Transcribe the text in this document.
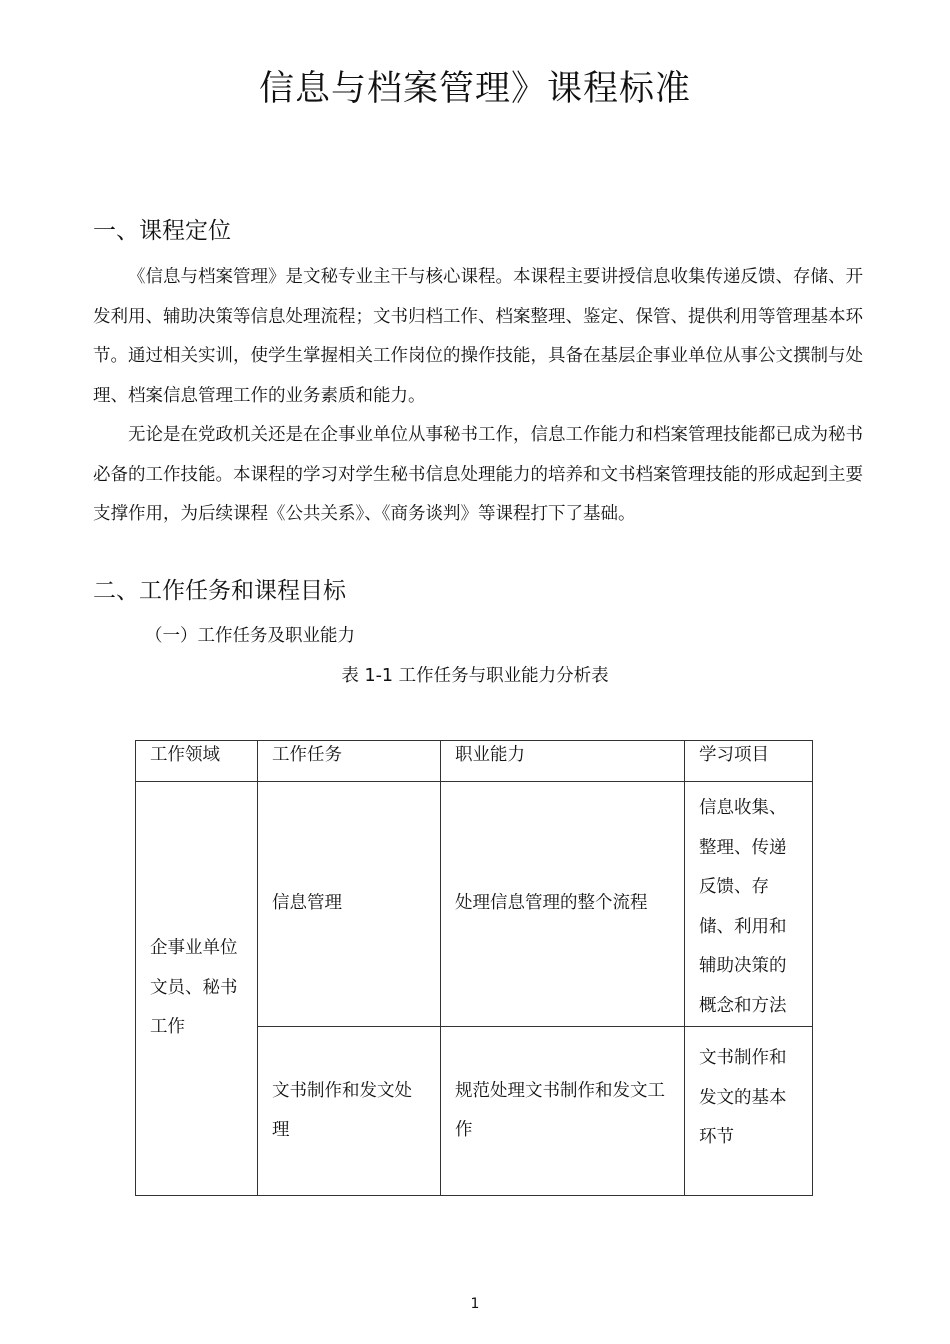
信息与档案管理》课程标准
一、课程定位

《信息与档案管理》是文秘专业主干与核心课程。本课程主要讲授信息收集传递反馈、存储、开发利用、辅助决策等信息处理流程；文书归档工作、档案整理、鉴定、保管、提供利用等管理基本环节。通过相关实训，使学生掌握相关工作岗位的操作技能，具备在基层企事业单位从事公文撰制与处理、档案信息管理工作的业务素质和能力。

无论是在党政机关还是在企事业单位从事秘书工作，信息工作能力和档案管理技能都已成为秘书必备的工作技能。本课程的学习对学生秘书信息处理能力的培养和文书档案管理技能的形成起到主要支撑作用，为后续课程《公共关系》、《商务谈判》等课程打下了基础。

二、工作任务和课程目标

（一）工作任务及职业能力

表 1-1 工作任务与职业能力分析表

工作领域	工作任务	职业能力	学习项目
企事业单位文员、秘书工作	信息管理	处理信息管理的整个流程	信息收集、整理、传递反馈、存储、利用和辅助决策的概念和方法
	文书制作和发文处理	规范处理文书制作和发文工作	文书制作和发文的基本环节

1
